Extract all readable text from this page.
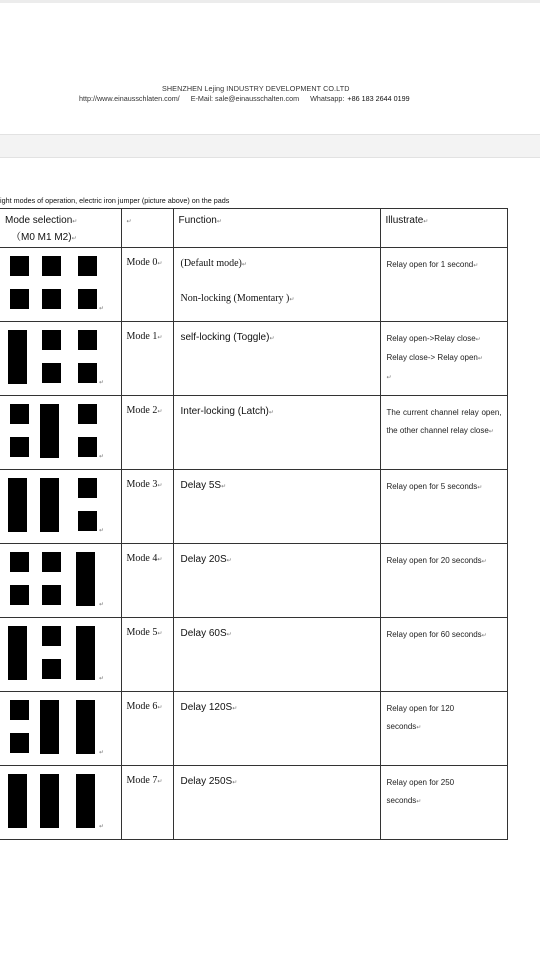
SHENZHEN Lejing INDUSTRY DEVELOPMENT CO.LTD
http://www.einausschlaten.com/ E-Mail: sale@einausschalten.com Whatsapp: +86 183 2644 0199
ight modes of operation, electric iron jumper (picture above) on the pads
Mode selection↵
（M0 M1 M2)↵	↵	Function↵	Illustrate↵

↵	Mode 0↵	(Default mode)↵
Non-locking (Momentary )↵	Relay open for 1 second↵

↵	Mode 1↵	self-locking (Toggle)↵	Relay open->Relay close↵
Relay close-> Relay open↵
↵

↵	Mode 2↵	Inter-locking (Latch)↵	The current channel relay open, the other channel relay close↵

↵	Mode 3↵	Delay 5S↵	Relay open for 5 seconds↵

↵	Mode 4↵	Delay 20S↵	Relay open for 20 seconds↵

↵	Mode 5↵	Delay 60S↵	Relay open for 60 seconds↵

↵	Mode 6↵	Delay 120S↵	Relay open for 120
seconds↵

↵	Mode 7↵	Delay 250S↵	Relay open for 250
seconds↵
